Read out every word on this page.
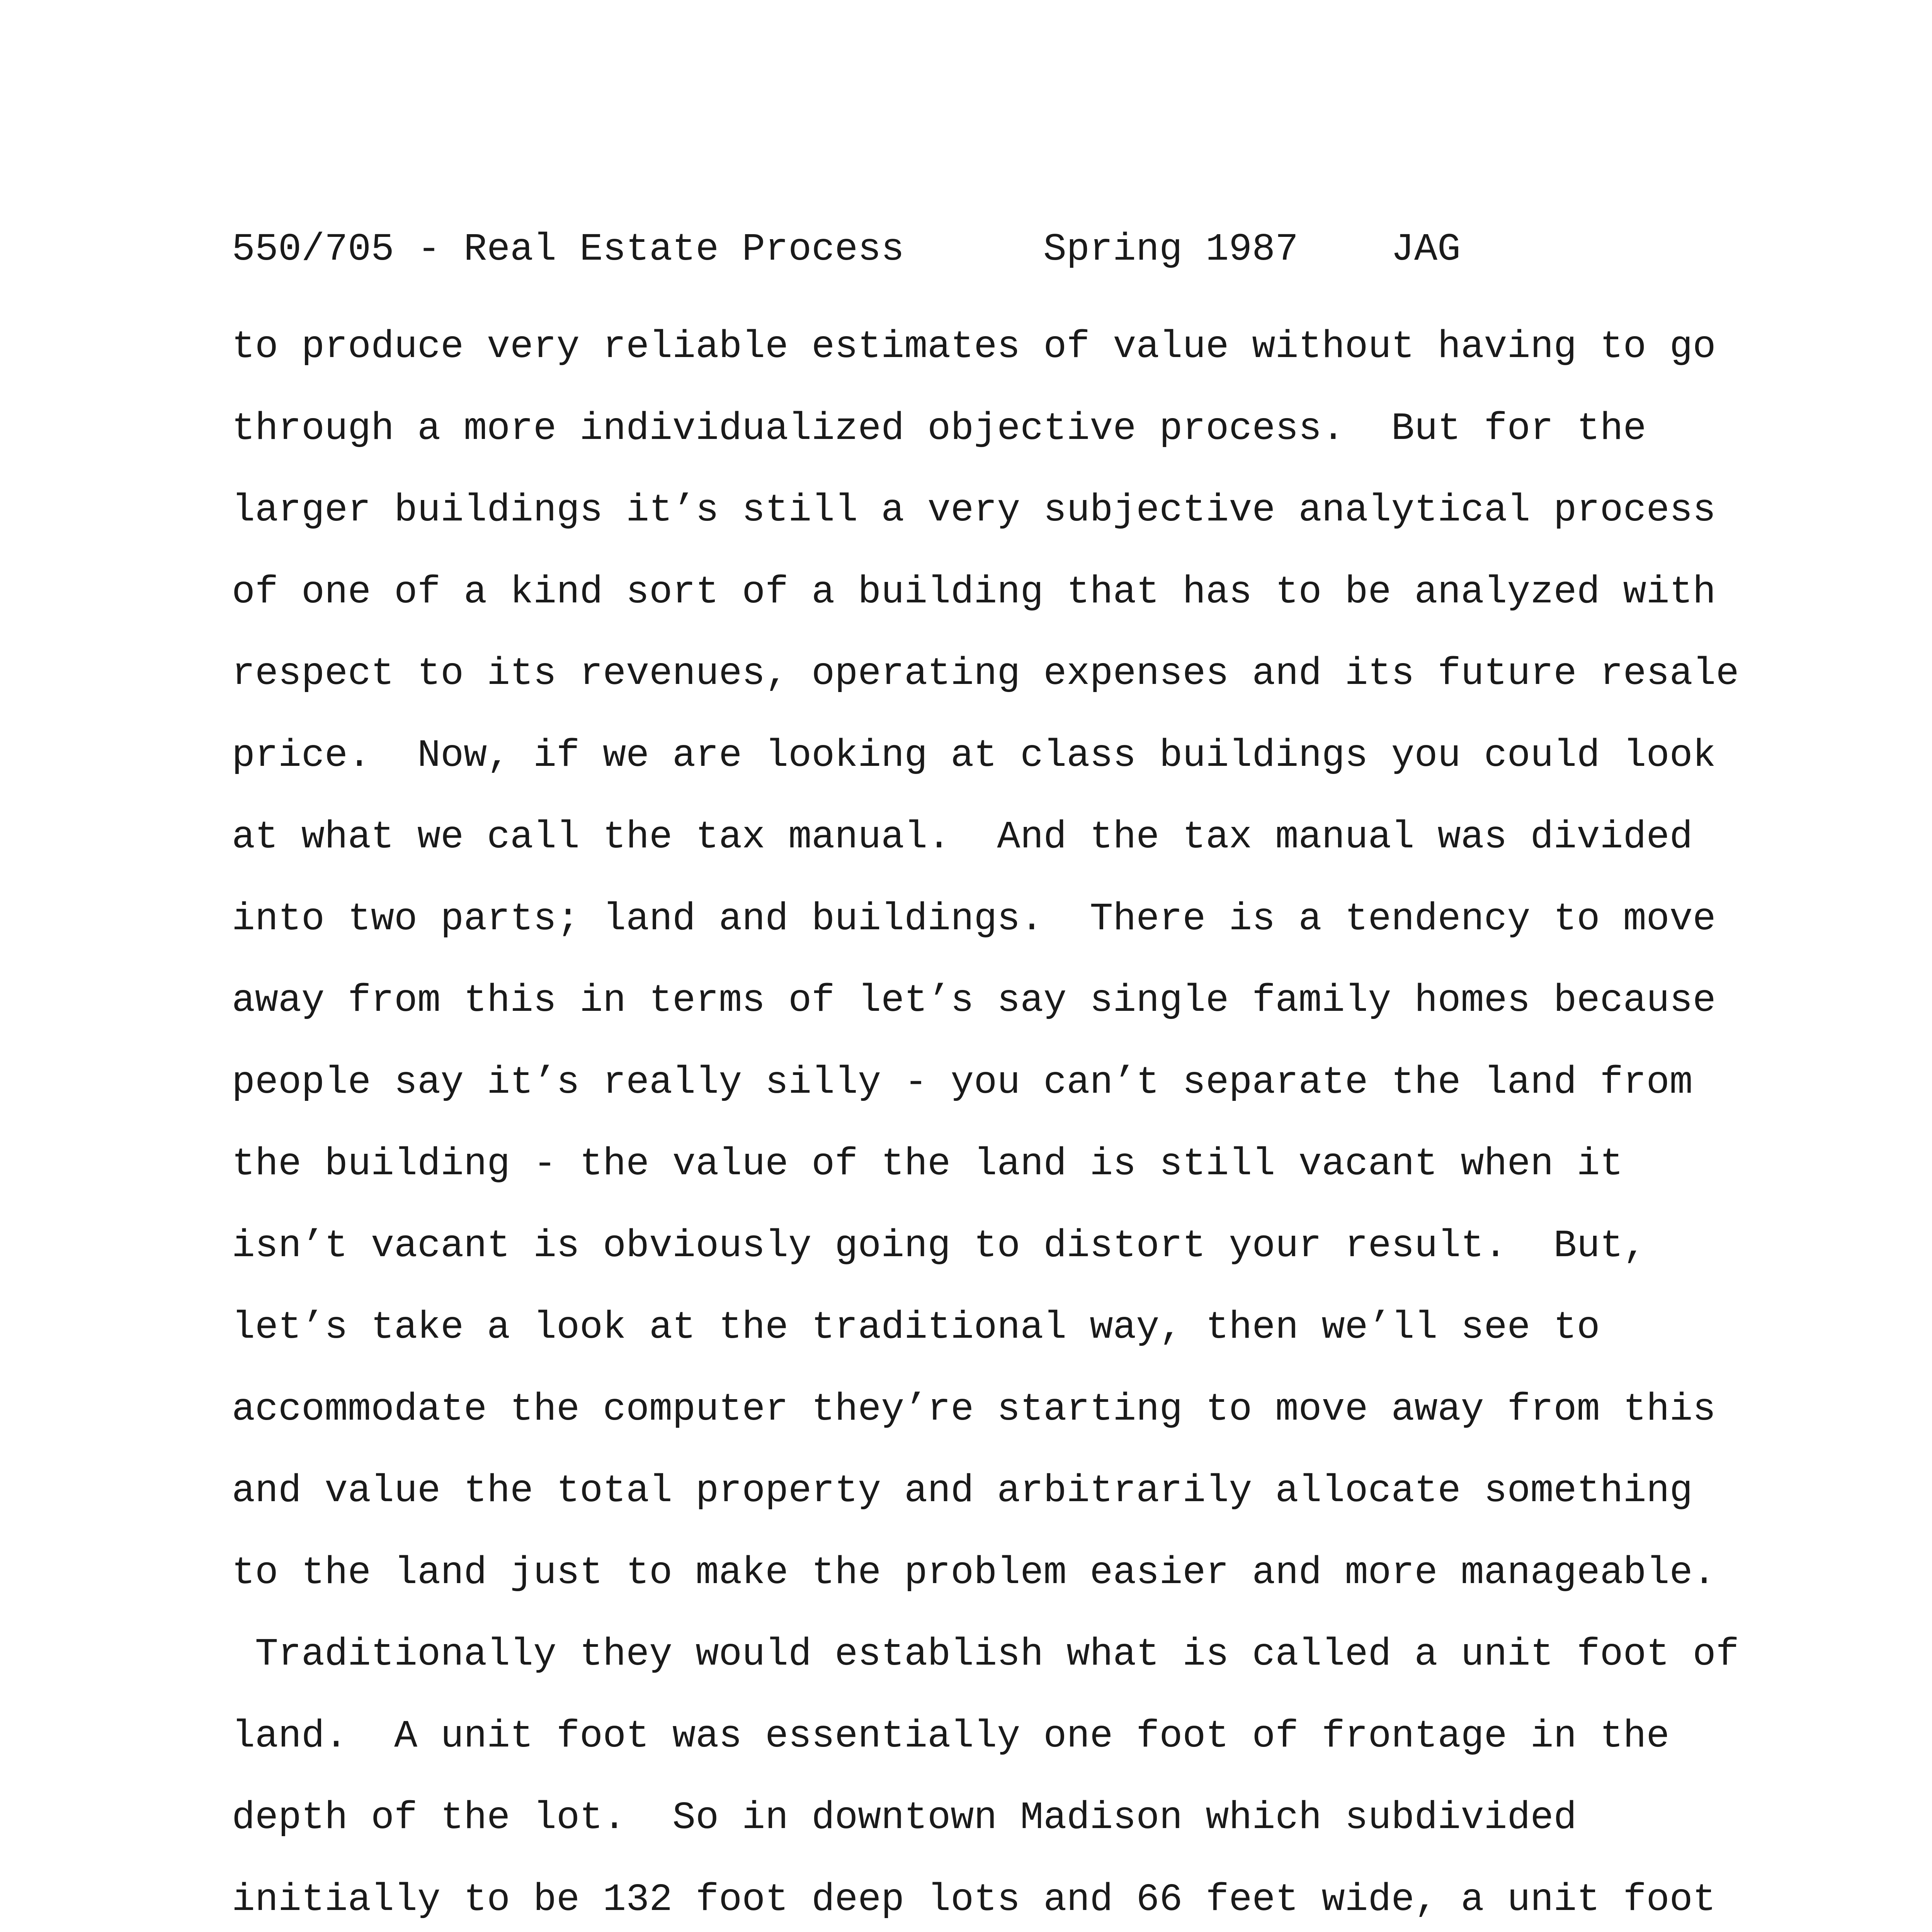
550/705 - Real Estate Process

	Spring 1987

JAG

to produce very reliable estimates of value without having to go
through a more individualized objective process.  But for the
larger buildings it’s still a very subjective analytical process
of one of a kind sort of a building that has to be analyzed with
respect to its revenues, operating expenses and its future resale
price.  Now, if we are looking at class buildings you could look
at what we call the tax manual.  And the tax manual was divided
into two parts; land and buildings.  There is a tendency to move
away from this in terms of let’s say single family homes because
people say it’s really silly - you can’t separate the land from
the building - the value of the land is still vacant when it
isn’t vacant is obviously going to distort your result.  But,
let’s take a look at the traditional way, then we’ll see to
accommodate the computer they’re starting to move away from this
and value the total property and arbitrarily allocate something
to the land just to make the problem easier and more manageable.
Traditionally they would establish what is called a unit foot of
land.  A unit foot was essentially one foot of frontage in the
depth of the lot.  So in downtown Madison which subdivided
initially to be 132 foot deep lots and 66 feet wide, a unit foot
